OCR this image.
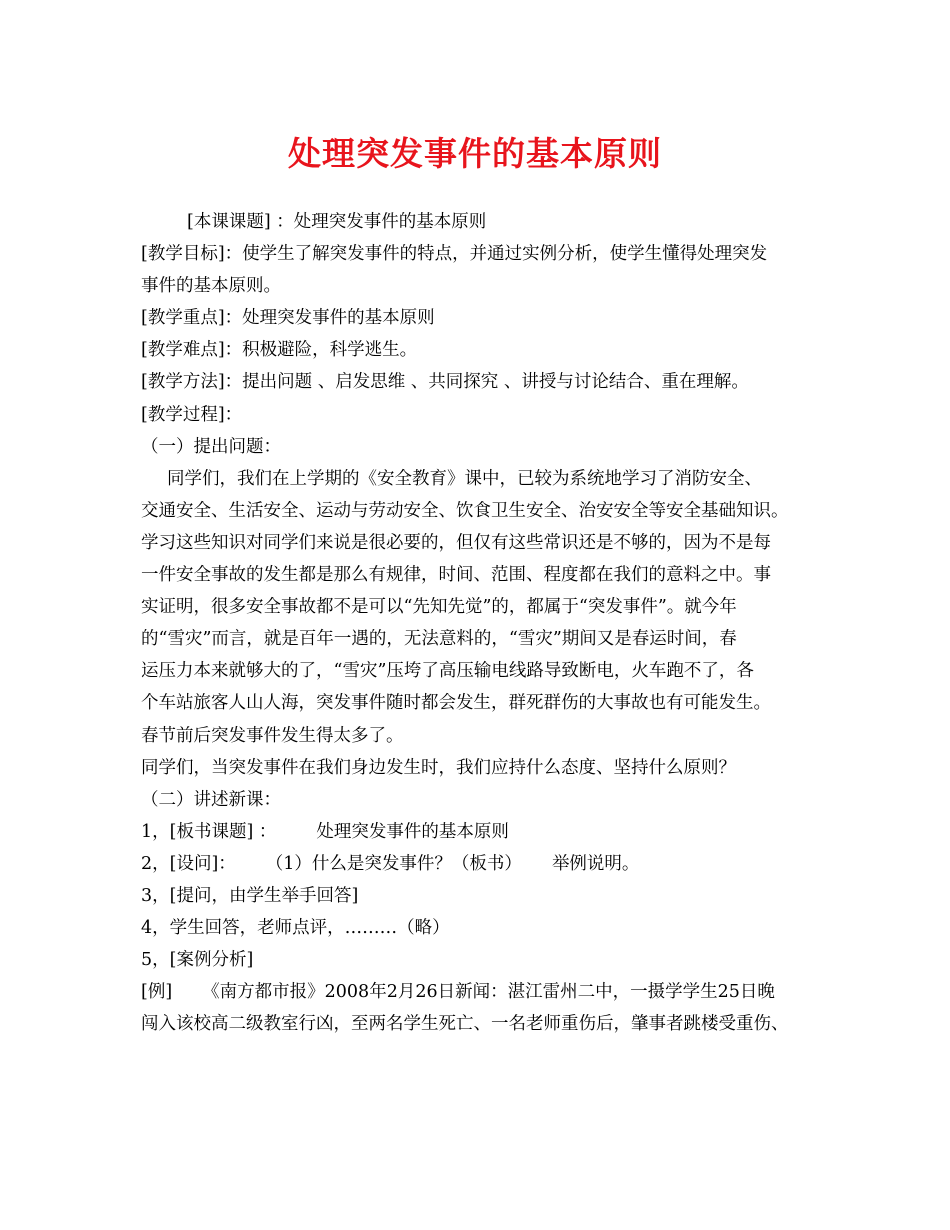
处理突发事件的基本原则
[本课课题] ：处理突发事件的基本原则
[教学目标]：使学生了解突发事件的特点，并通过实例分析，使学生懂得处理突发
事件的基本原则。
[教学重点]：处理突发事件的基本原则
[教学难点]：积极避险，科学逃生。
[教学方法]：提出问题 、启发思维 、共同探究 、讲授与讨论结合、重在理解。
[教学过程]：
（一）提出问题：
同学们，我们在上学期的《安全教育》课中，已较为系统地学习了消防安全、
交通安全、生活安全、运动与劳动安全、饮食卫生安全、治安安全等安全基础知识。
学习这些知识对同学们来说是很必要的，但仅有这些常识还是不够的，因为不是每
一件安全事故的发生都是那么有规律，时间、范围、程度都在我们的意料之中。事
实证明，很多安全事故都不是可以“先知先觉”的，都属于“突发事件”。就今年
的“雪灾”而言，就是百年一遇的，无法意料的，“雪灾”期间又是春运时间，春
运压力本来就够大的了，“雪灾”压垮了高压输电线路导致断电，火车跑不了，各
个车站旅客人山人海，突发事件随时都会发生，群死群伤的大事故也有可能发生。
春节前后突发事件发生得太多了。
同学们，当突发事件在我们身边发生时，我们应持什么态度、坚持什么原则？
（二）讲述新课：
1，[板书课题] ： 处理突发事件的基本原则
2，[设问]： （1）什么是突发事件？（板书） 举例说明。
3，[提问，由学生举手回答]
4，学生回答，老师点评，………（略）
5，[案例分析]
[例] 《南方都市报》2008年2月26日新闻：湛江雷州二中，一摄学学生25日晚
闯入该校高二级教室行凶，至两名学生死亡、一名老师重伤后，肇事者跳楼受重伤、
